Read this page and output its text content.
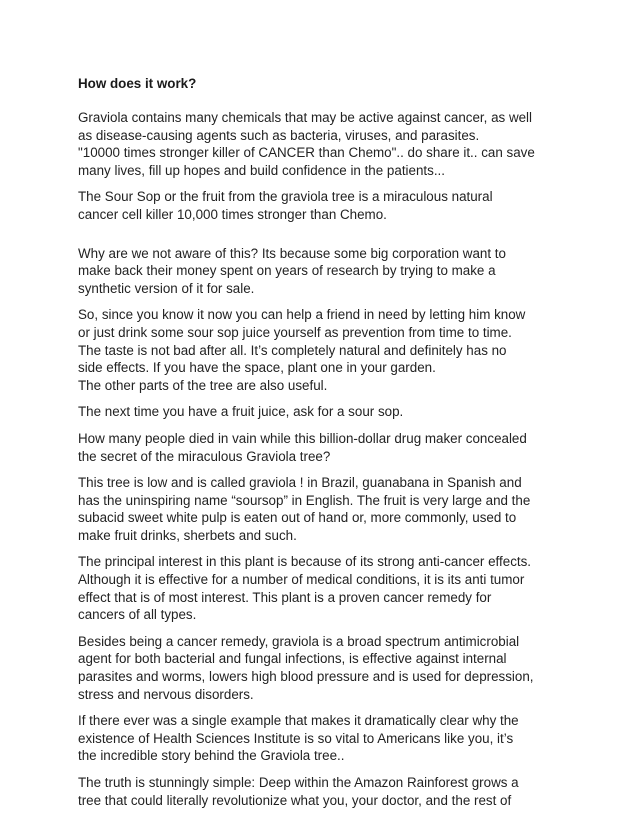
How does it work?
Graviola contains many chemicals that may be active against cancer, as well
as disease-causing agents such as bacteria, viruses, and parasites.
"10000 times stronger killer of CANCER than Chemo".. do share it.. can save
many lives, fill up hopes and build confidence in the patients...
The Sour Sop or the fruit from the graviola tree is a miraculous natural
cancer cell killer 10,000 times stronger than Chemo.
Why are we not aware of this? Its because some big corporation want to
make back their money spent on years of research by trying to make a
synthetic version of it for sale.
So, since you know it now you can help a friend in need by letting him know
or just drink some sour sop juice yourself as prevention from time to time.
The taste is not bad after all. It’s completely natural and definitely has no
side effects. If you have the space, plant one in your garden.
The other parts of the tree are also useful.
The next time you have a fruit juice, ask for a sour sop.
How many people died in vain while this billion-dollar drug maker concealed
the secret of the miraculous Graviola tree?
This tree is low and is called graviola ! in Brazil, guanabana in Spanish and
has the uninspiring name “soursop” in English. The fruit is very large and the
subacid sweet white pulp is eaten out of hand or, more commonly, used to
make fruit drinks, sherbets and such.
The principal interest in this plant is because of its strong anti-cancer effects.
Although it is effective for a number of medical conditions, it is its anti tumor
effect that is of most interest. This plant is a proven cancer remedy for
cancers of all types.
Besides being a cancer remedy, graviola is a broad spectrum antimicrobial
agent for both bacterial and fungal infections, is effective against internal
parasites and worms, lowers high blood pressure and is used for depression,
stress and nervous disorders.
If there ever was a single example that makes it dramatically clear why the
existence of Health Sciences Institute is so vital to Americans like you, it’s
the incredible story behind the Graviola tree..
The truth is stunningly simple: Deep within the Amazon Rainforest grows a
tree that could literally revolutionize what you, your doctor, and the rest of
